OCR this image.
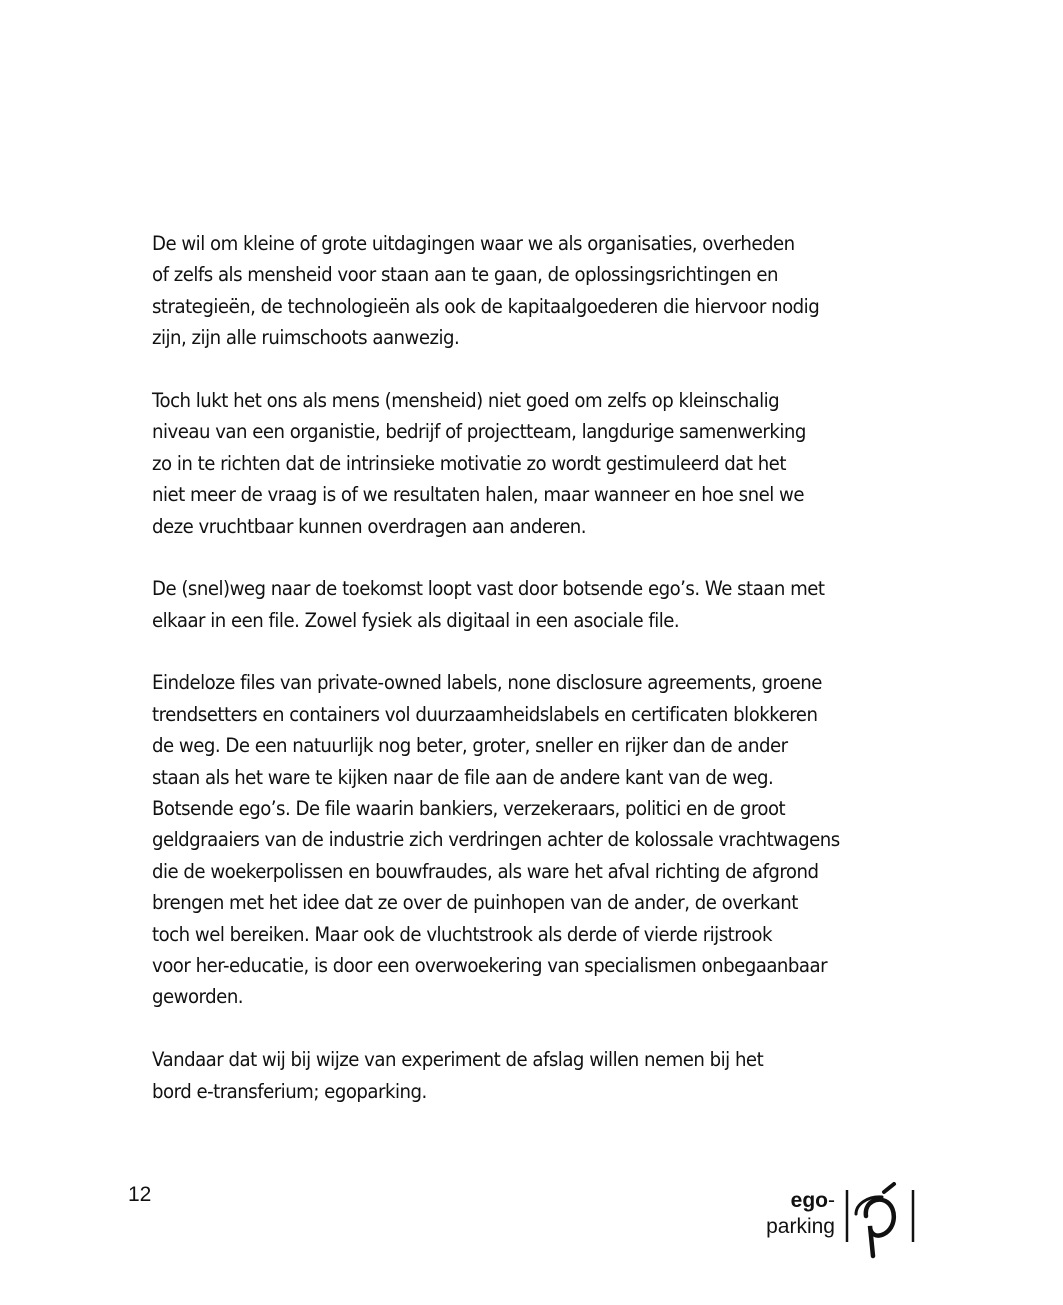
De wil om kleine of grote uitdagingen waar we als organisaties, overheden
of zelfs als mensheid voor staan aan te gaan, de oplossingsrichtingen en
strategieën, de technologieën als ook de kapitaalgoederen die hiervoor nodig
zijn, zijn alle ruimschoots aanwezig.
Toch lukt het ons als mens (mensheid) niet goed om zelfs op kleinschalig
niveau van een organistie, bedrijf of projectteam, langdurige samenwerking
zo in te richten dat de intrinsieke motivatie zo wordt gestimuleerd dat het
niet meer de vraag is of we resultaten halen, maar wanneer en hoe snel we
deze vruchtbaar kunnen overdragen aan anderen.
De (snel)weg naar de toekomst loopt vast door botsende ego’s. We staan met
elkaar in een file. Zowel fysiek als digitaal in een asociale file.
Eindeloze files van private-owned labels, none disclosure agreements, groene
trendsetters en containers vol duurzaamheidslabels en certificaten blokkeren
de weg. De een natuurlijk nog beter, groter, sneller en rijker dan de ander
staan als het ware te kijken naar de file aan de andere kant van de weg.
Botsende ego’s. De file waarin bankiers, verzekeraars, politici en de groot
geldgraaiers van de industrie zich verdringen achter de kolossale vrachtwagens
die de woekerpolissen en bouwfraudes, als ware het afval richting de afgrond
brengen met het idee dat ze over de puinhopen van de ander, de overkant
toch wel bereiken. Maar ook de vluchtstrook als derde of vierde rijstrook
voor her-educatie, is door een overwoekering van specialismen onbegaanbaar
geworden.
Vandaar dat wij bij wijze van experiment de afslag willen nemen bij het
bord e-transferium; egoparking.
12	ego-
parking
